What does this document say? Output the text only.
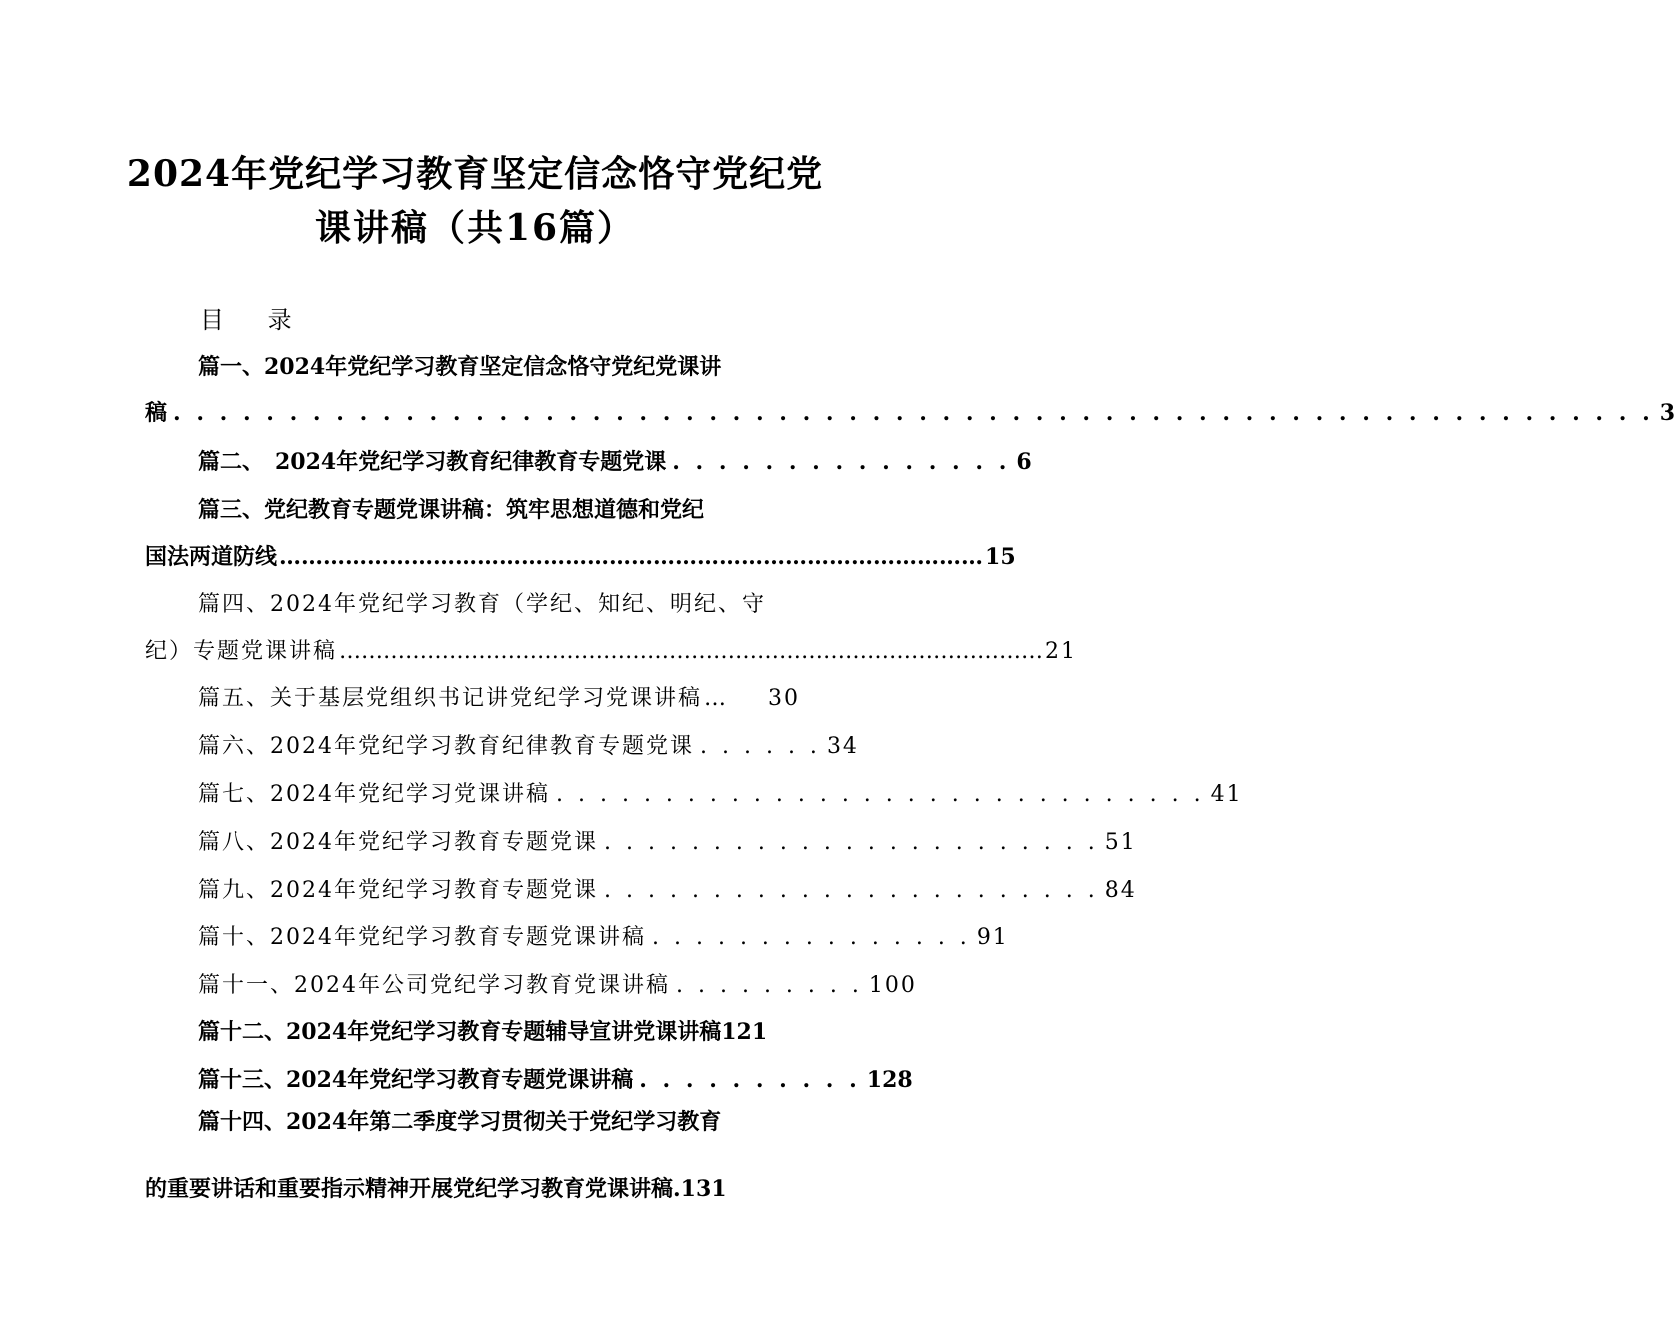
2024年党纪学习教育坚定信念恪守党纪党
课讲稿（共16篇）
目 录
篇一、2024年党纪学习教育坚定信念恪守党纪党课讲
稿 . . . . . . . . . . . . . . . . . . . . . . . . . . . . . . . . . . . . . . . . . . . . . . . . . . . . . . . . . . . . . . . . 3
篇二、　2024年党纪学习教育纪律教育专题党课 . . . . . . . . . . . . . . . 6
篇三、党纪教育专题党课讲稿：筑牢思想道德和党纪
国法两道防线 …………………………………………………………………………………… 15
篇四、2024年党纪学习教育（学纪、知纪、明纪、守
纪）专题党课讲稿 …………………………………………………………………………………… 21
篇五、关于基层党组织书记讲党纪学习党课讲稿 …	30
篇六、2024年党纪学习教育纪律教育专题党课 . . . . . . 34
篇七、2024年党纪学习党课讲稿 . . . . . . . . . . . . . . . . . . . . . . . . . . . . . . 41
篇八、2024年党纪学习教育专题党课 . . . . . . . . . . . . . . . . . . . . . . . 51
篇九、2024年党纪学习教育专题党课 . . . . . . . . . . . . . . . . . . . . . . . 84
篇十、2024年党纪学习教育专题党课讲稿 . . . . . . . . . . . . . . . 91
篇十一、2024年公司党纪学习教育党课讲稿 . . . . . . . . . 100
篇十二、2024年党纪学习教育专题辅导宣讲党课讲稿 121
篇十三、2024年党纪学习教育专题党课讲稿 . . . . . . . . . . 128
篇十四、2024年第二季度学习贯彻关于党纪学习教育
的重要讲话和重要指示精神开展党纪学习教育党课讲稿. 131
